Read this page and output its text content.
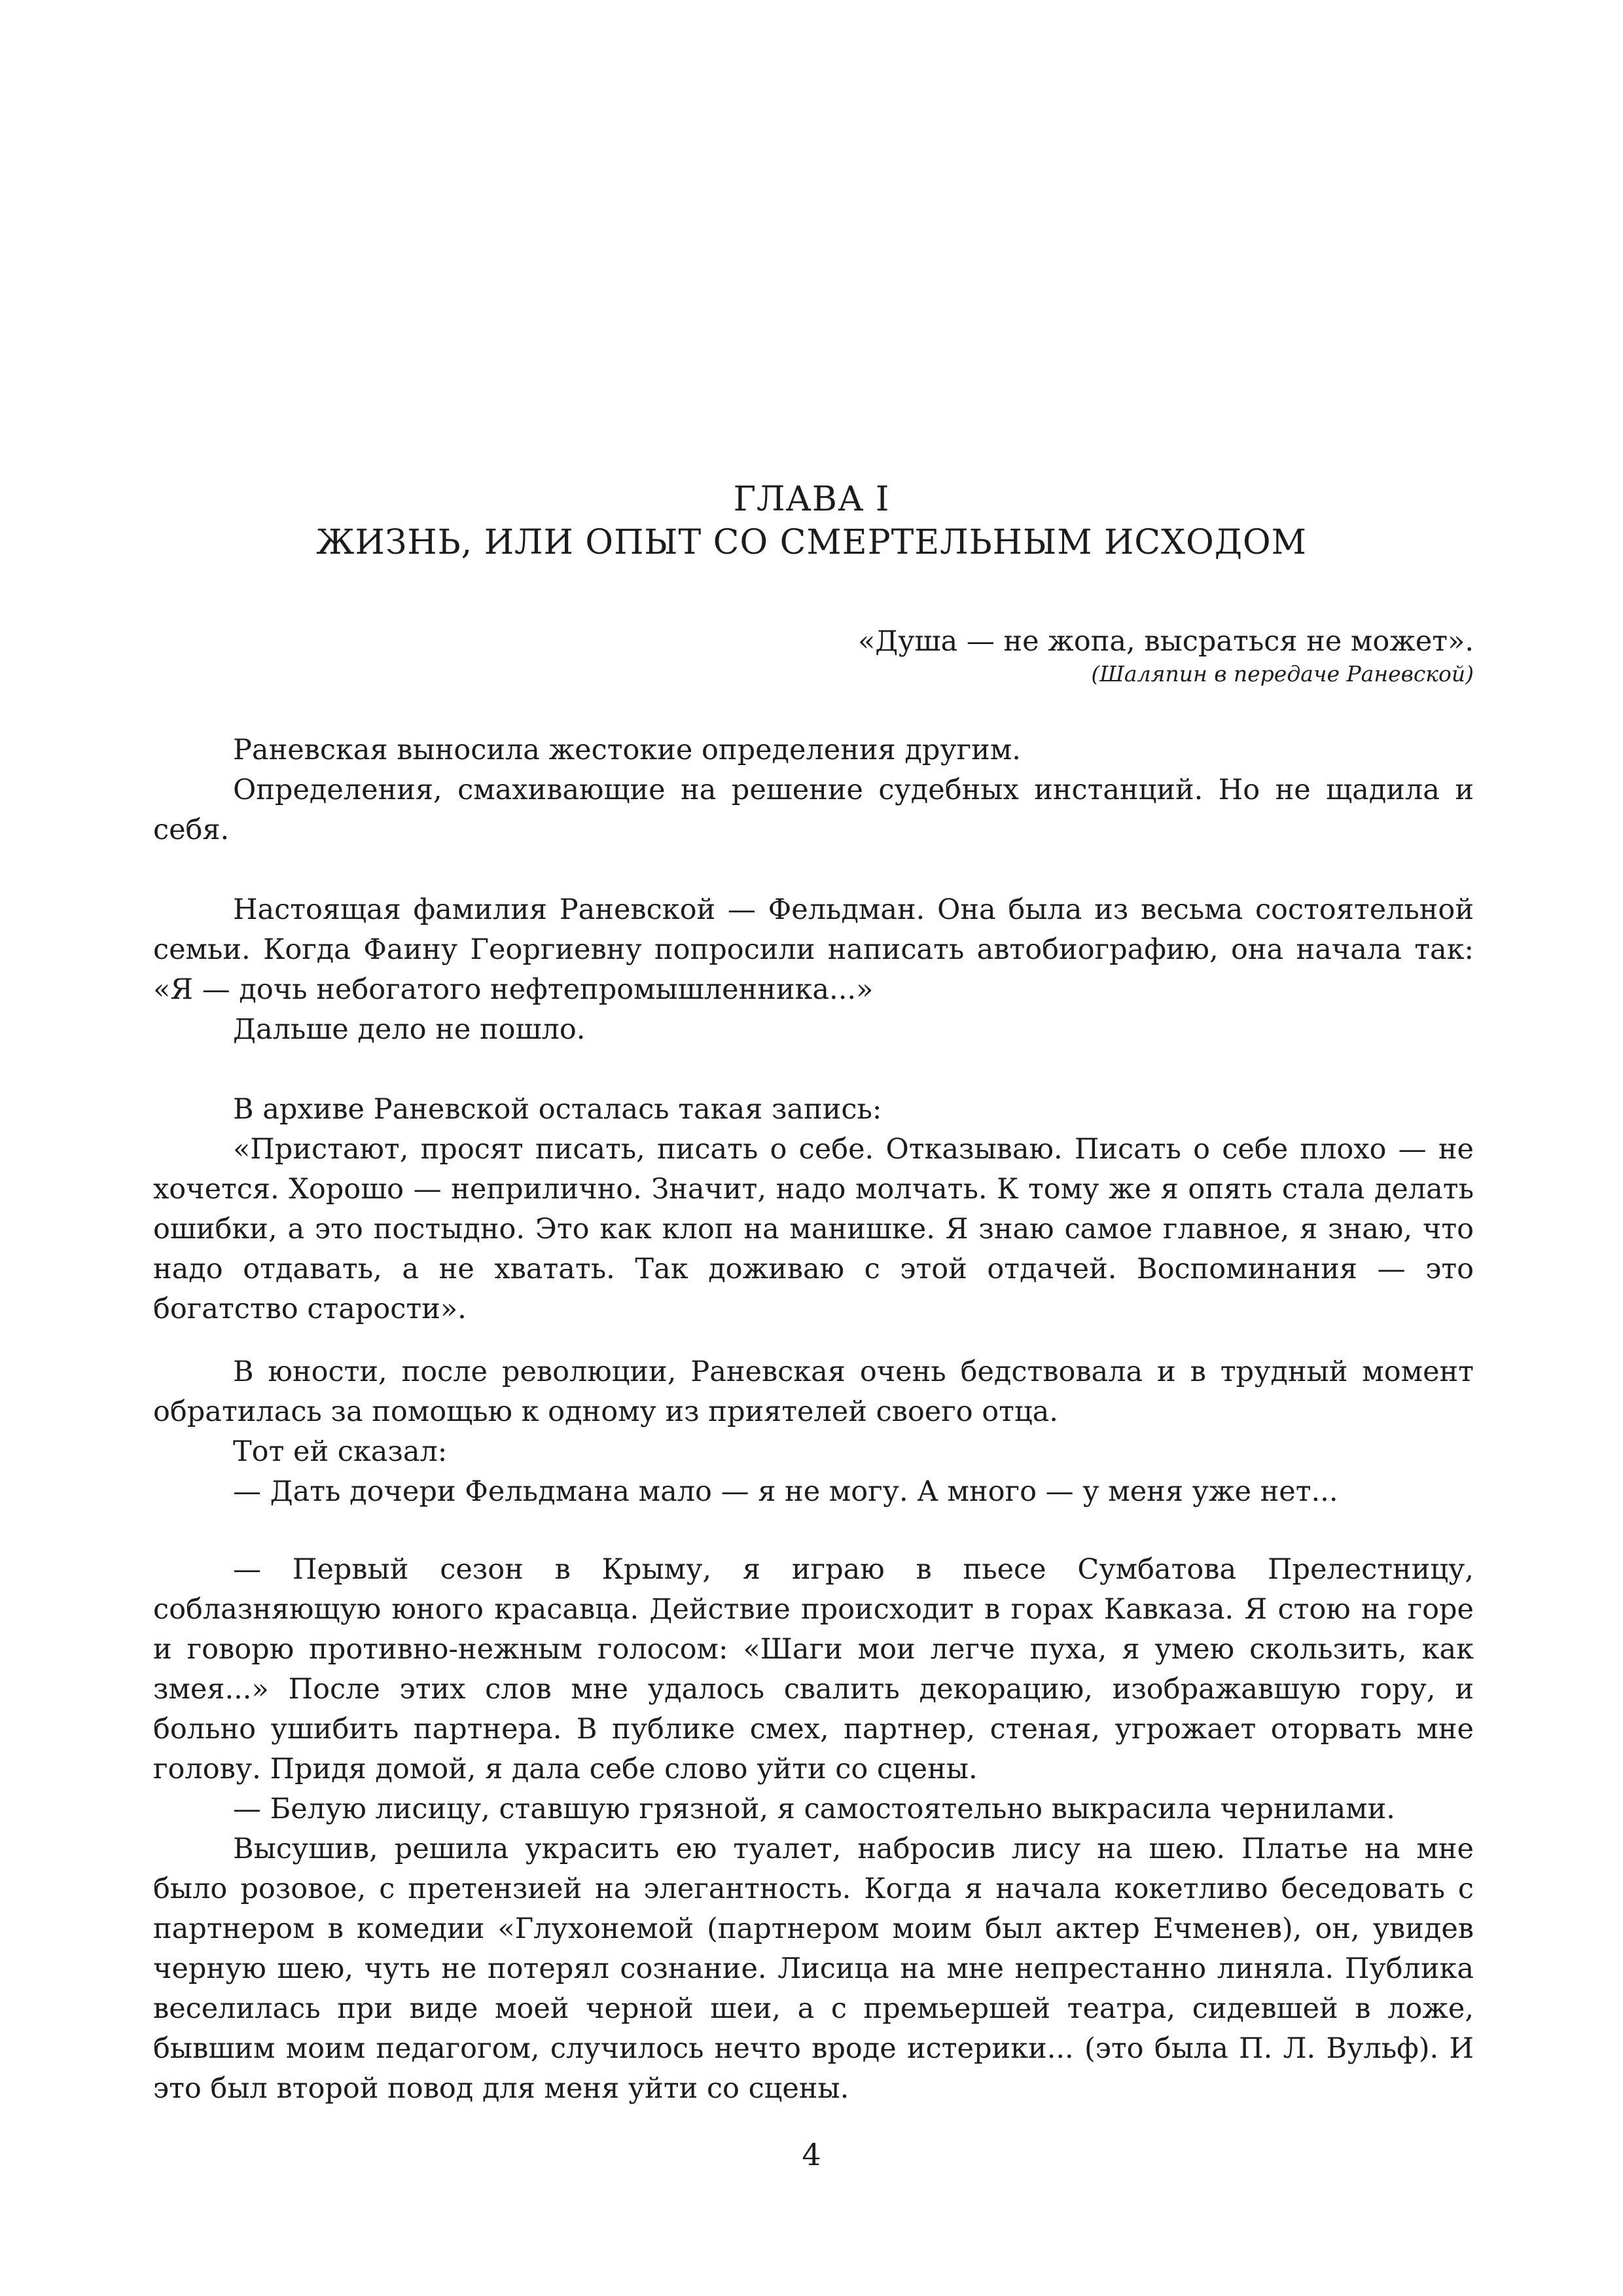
ГЛАВА I
ЖИЗНЬ, ИЛИ ОПЫТ СО СМЕРТЕЛЬНЫМ ИСХОДОМ
«Душа — не жопа, высраться не может».
(Шаляпин в передаче Раневской)

Раневская выносила жестокие определения другим.

Определения, смахивающие на решение судебных инстанций. Но не щадила и себя.

Настоящая фамилия Раневской — Фельдман. Она была из весьма состоятельной семьи. Когда Фаину Георгиевну попросили написать автобиографию, она начала так: «Я — дочь небогатого нефтепромышленника...»

Дальше дело не пошло.

В архиве Раневской осталась такая запись:

«Пристают, просят писать, писать о себе. Отказываю. Писать о себе плохо — не хочется. Хорошо — неприлично. Значит, надо молчать. К тому же я опять стала делать ошибки, а это постыдно. Это как клоп на манишке. Я знаю самое главное, я знаю, что надо отдавать, а не хватать. Так доживаю с этой отдачей. Воспоминания — это богатство старости».

В юности, после революции, Раневская очень бедствовала и в трудный момент обратилась за помощью к одному из приятелей своего отца.

Тот ей сказал:

— Дать дочери Фельдмана мало — я не могу. А много — у меня уже нет...

— Первый сезон в Крыму, я играю в пьесе Сумбатова Прелестницу, соблазняющую юного красавца. Действие происходит в горах Кавказа. Я стою на горе и говорю противно-нежным голосом: «Шаги мои легче пуха, я умею скользить, как змея...» После этих слов мне удалось свалить декорацию, изображавшую гору, и больно ушибить партнера. В публике смех, партнер, стеная, угрожает оторвать мне голову. Придя домой, я дала себе слово уйти со сцены.

— Белую лисицу, ставшую грязной, я самостоятельно выкрасила чернилами.

Высушив, решила украсить ею туалет, набросив лису на шею. Платье на мне было розовое, с претензией на элегантность. Когда я начала кокетливо беседовать с партнером в комедии «Глухонемой (партнером моим был актер Ечменев), он, увидев черную шею, чуть не потерял сознание. Лисица на мне непрестанно линяла. Публика веселилась при виде моей черной шеи, а с премьершей театра, сидевшей в ложе, бывшим моим педагогом, случилось нечто вроде истерики... (это была П. Л. Вульф). И это был второй повод для меня уйти со сцены.

4
